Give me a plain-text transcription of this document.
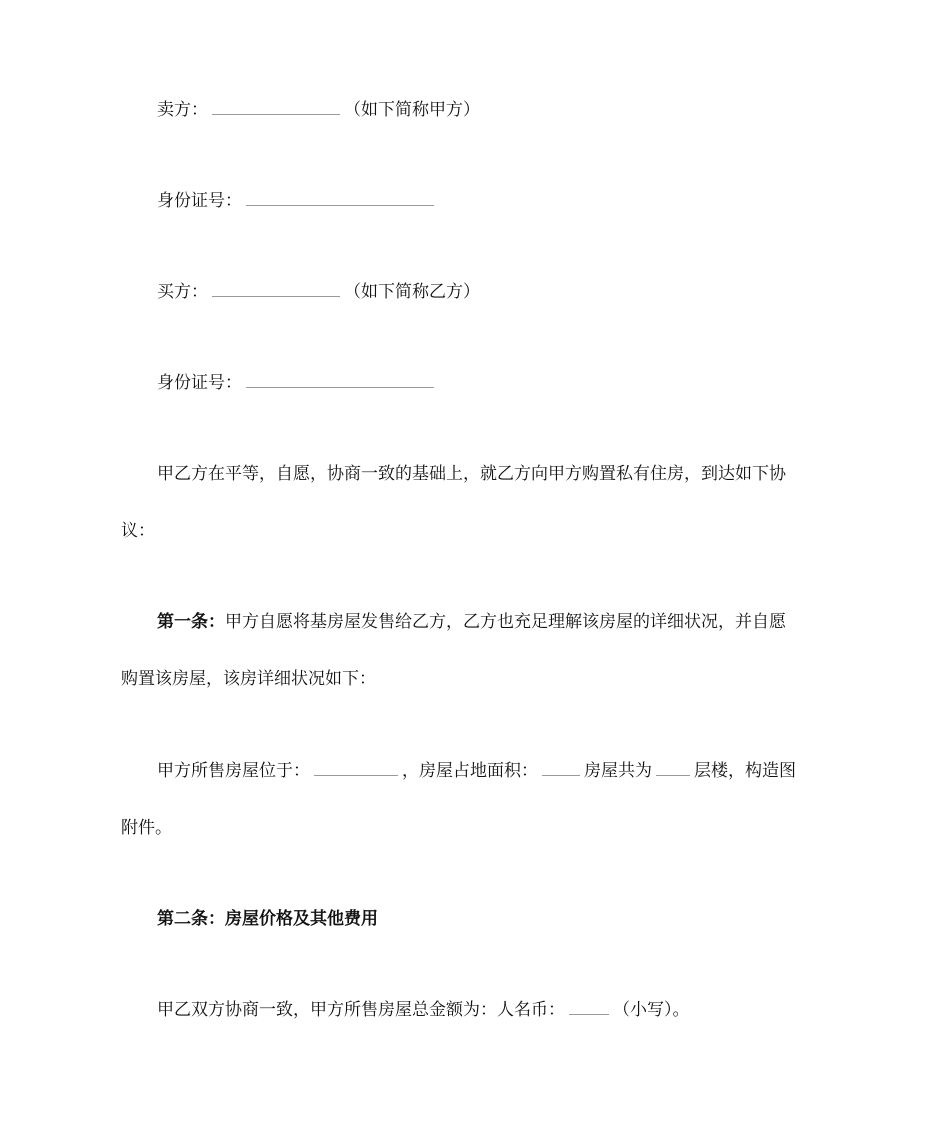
卖方：	（如下简称甲方）
身份证号：
买方：	（如下简称乙方）
身份证号：
甲乙方在平等，自愿，协商一致的基础上，就乙方向甲方购置私有住房，到达如下协
议：
第一条：甲方自愿将基房屋发售给乙方，乙方也充足理解该房屋的详细状况，并自愿
购置该房屋，该房详细状况如下：
甲方所售房屋位于：	，房屋占地面积：	房屋共为 层楼，构造图
附件。
第二条：房屋价格及其他费用
甲乙双方协商一致，甲方所售房屋总金额为：人名币：	（小写）。
